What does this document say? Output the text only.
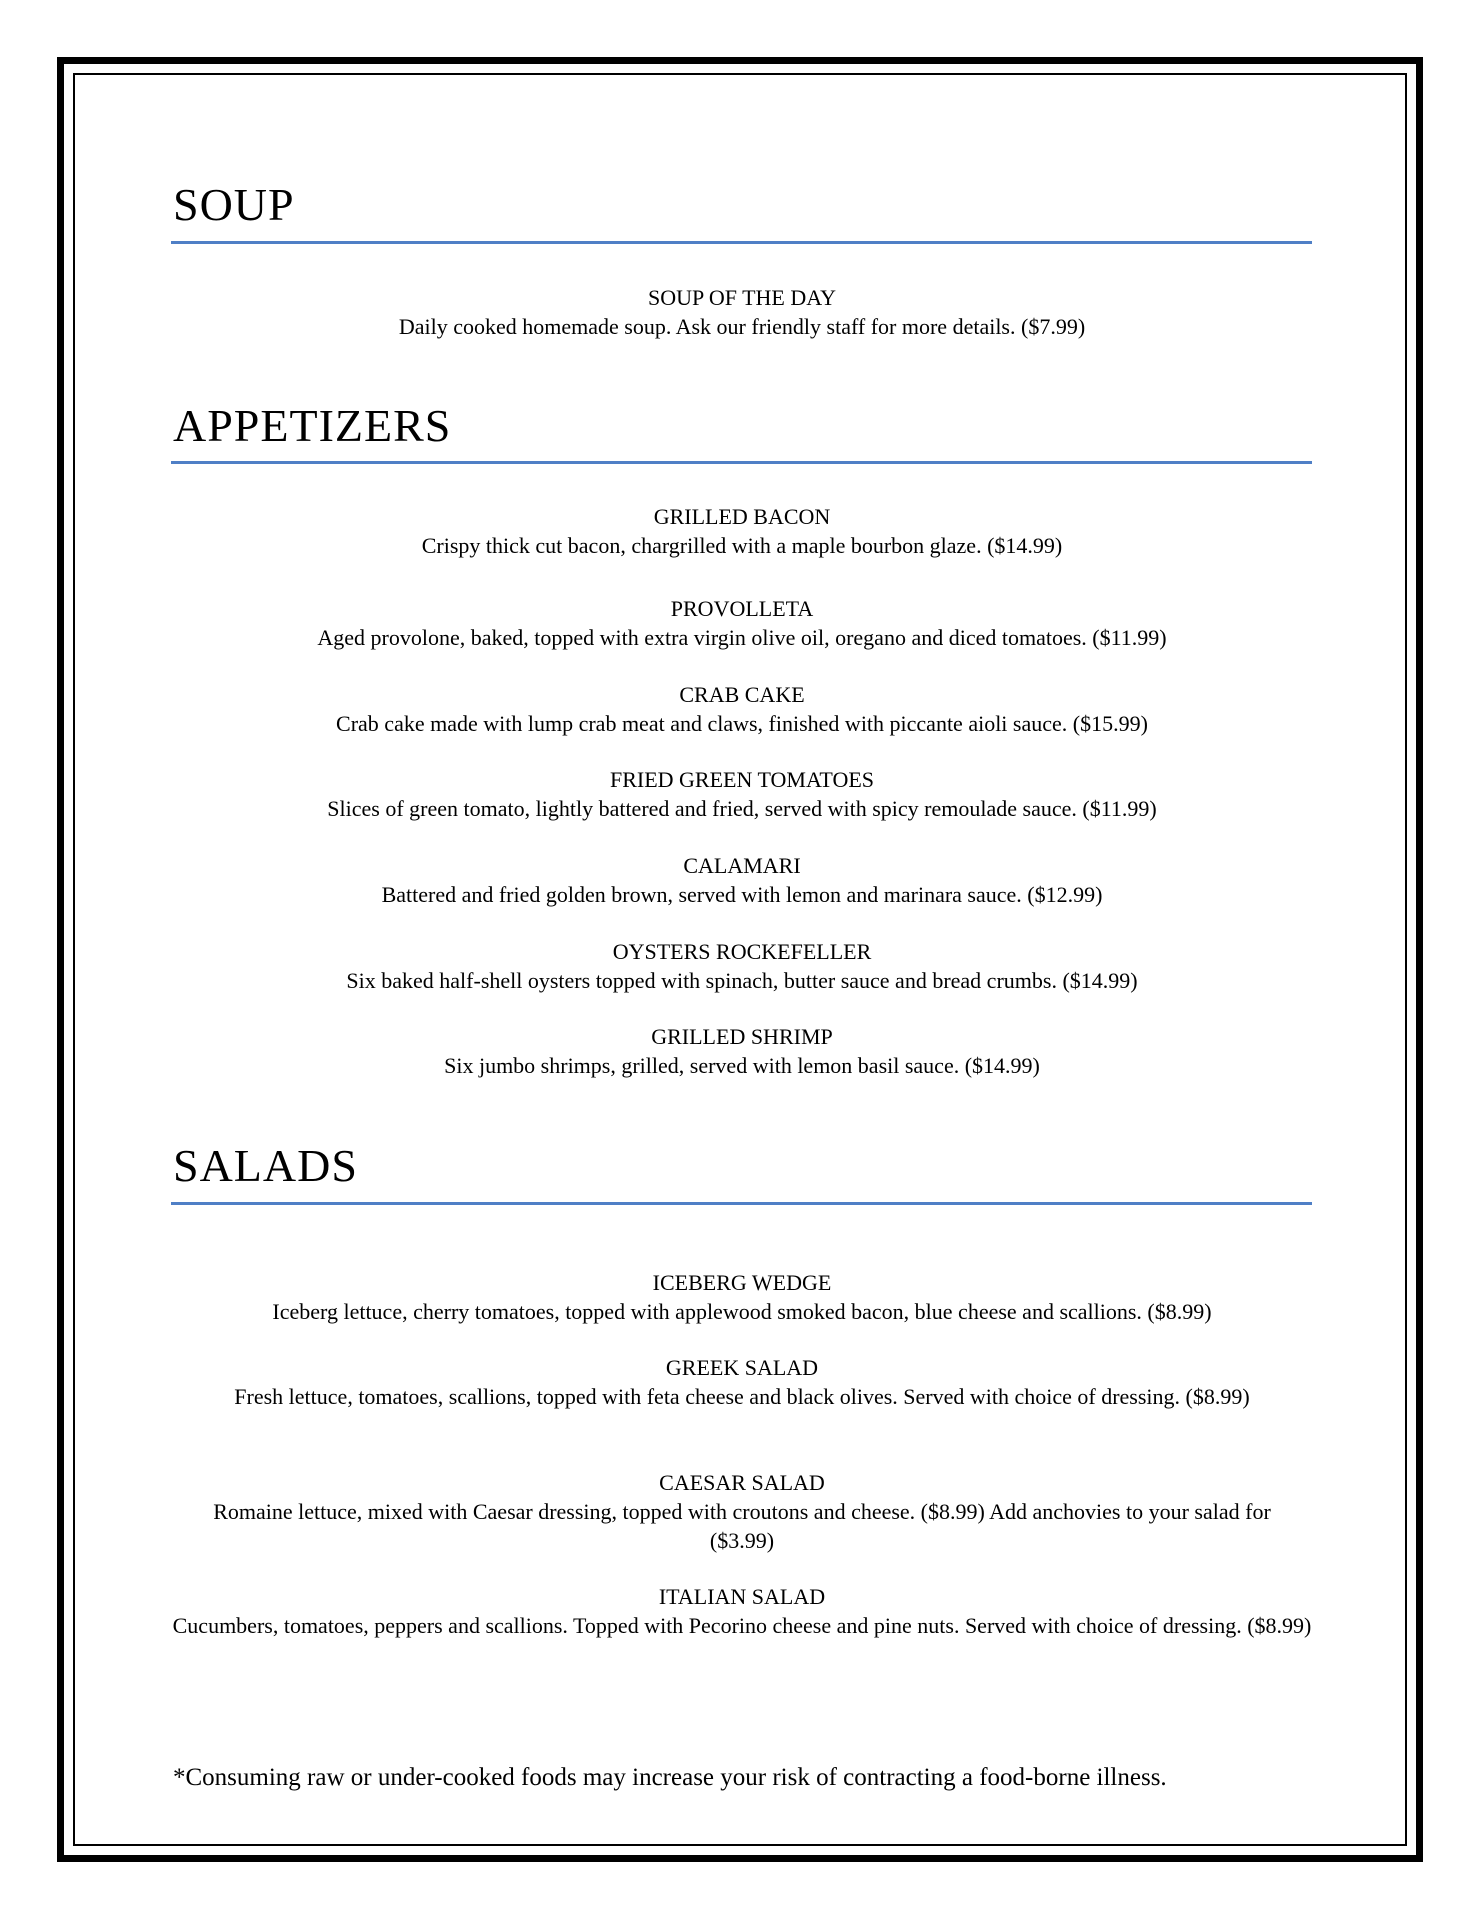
SOUP
SOUP OF THE DAY
Daily cooked homemade soup. Ask our friendly staff for more details. ($7.99)
APPETIZERS
GRILLED BACON
Crispy thick cut bacon, chargrilled with a maple bourbon glaze. ($14.99)
PROVOLLETA
Aged provolone, baked, topped with extra virgin olive oil, oregano and diced tomatoes. ($11.99)
CRAB CAKE
Crab cake made with lump crab meat and claws, finished with piccante aioli sauce. ($15.99)
FRIED GREEN TOMATOES
Slices of green tomato, lightly battered and fried, served with spicy remoulade sauce. ($11.99)
CALAMARI
Battered and fried golden brown, served with lemon and marinara sauce. ($12.99)
OYSTERS ROCKEFELLER
Six baked half-shell oysters topped with spinach, butter sauce and bread crumbs. ($14.99)
GRILLED SHRIMP
Six jumbo shrimps, grilled, served with lemon basil sauce. ($14.99)
SALADS
ICEBERG WEDGE
Iceberg lettuce, cherry tomatoes, topped with applewood smoked bacon, blue cheese and scallions. ($8.99)
GREEK SALAD
Fresh lettuce, tomatoes, scallions, topped with feta cheese and black olives. Served with choice of dressing. ($8.99)
CAESAR SALAD
Romaine lettuce, mixed with Caesar dressing, topped with croutons and cheese. ($8.99) Add anchovies to your salad for ($3.99)
ITALIAN SALAD
Cucumbers, tomatoes, peppers and scallions. Topped with Pecorino cheese and pine nuts. Served with choice of dressing. ($8.99)
*Consuming raw or under-cooked foods may increase your risk of contracting a food-borne illness.
